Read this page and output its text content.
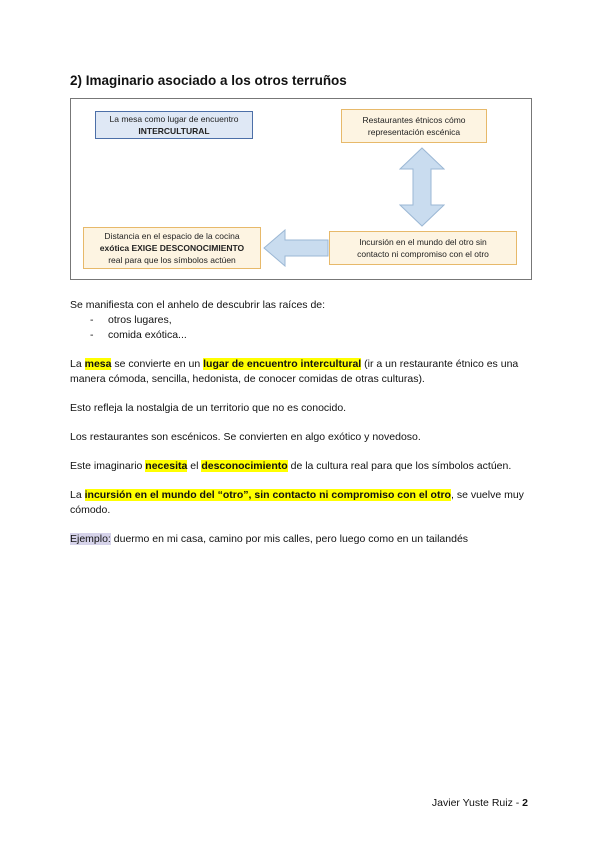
2) Imaginario asociado a los otros terruños
La mesa como lugar de encuentro
INTERCULTURAL
Restaurantes étnicos cómo
representación escénica
Distancia en el espacio de la cocina
exótica EXIGE DESCONOCIMIENTO
real para que los símbolos actúen
Incursión en el mundo del otro sin
contacto ni compromiso con el otro

Se manifiesta con el anhelo de descubrir las raíces de:

- otros lugares,
- comida exótica...

La mesa se convierte en un lugar de encuentro intercultural (ir a un restaurante étnico es una manera cómoda, sencilla, hedonista, de conocer comidas de otras culturas).

Esto refleja la nostalgia de un territorio que no es conocido.

Los restaurantes son escénicos. Se convierten en algo exótico y novedoso.

Este imaginario necesita el desconocimiento de la cultura real para que los símbolos actúen.

La incursión en el mundo del “otro”, sin contacto ni compromiso con el otro, se vuelve muy cómodo.

Ejemplo: duermo en mi casa, camino por mis calles, pero luego como en un tailandés

Javier Yuste Ruiz - 2
